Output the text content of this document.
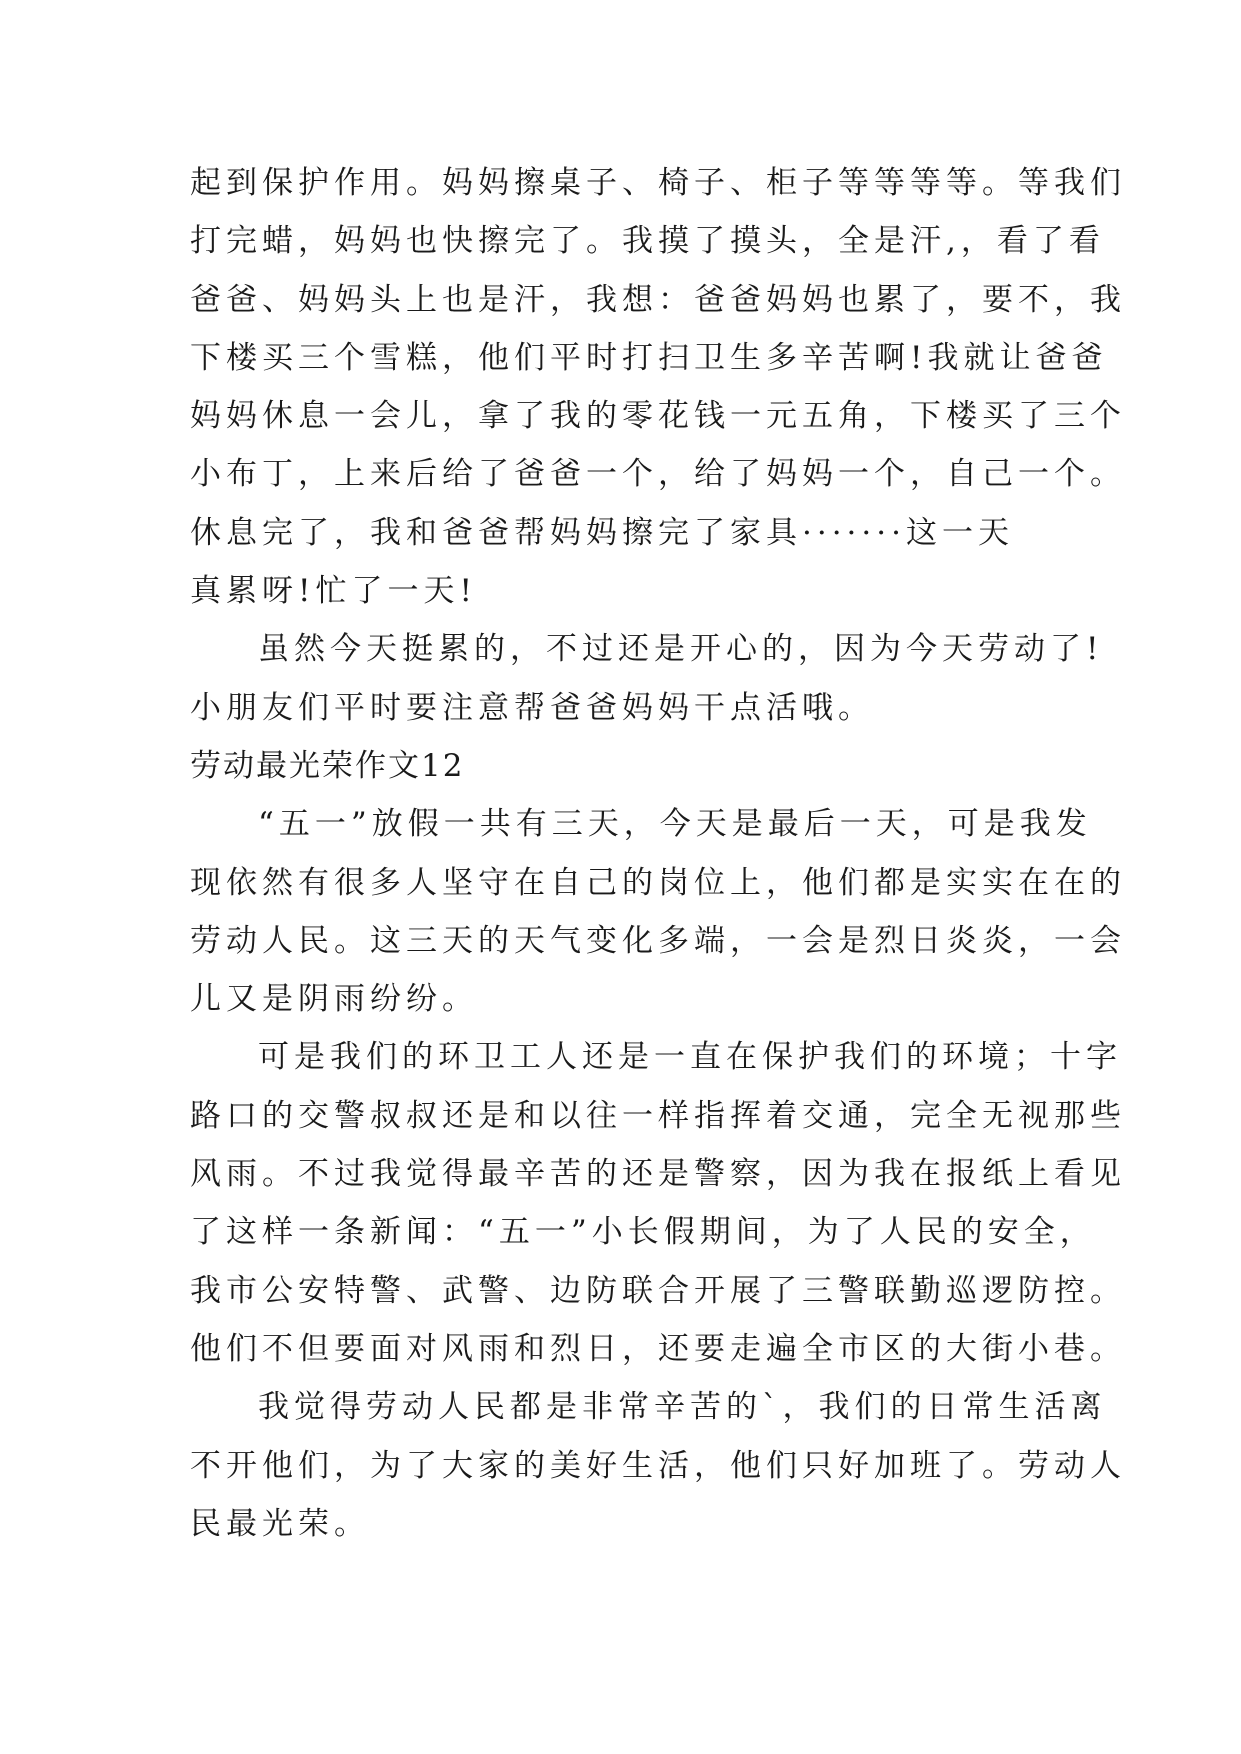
起到保护作用。妈妈擦桌子、椅子、柜子等等等等。等我们
打完蜡，妈妈也快擦完了。我摸了摸头，全是汗,，看了看
爸爸、妈妈头上也是汗，我想：爸爸妈妈也累了，要不，我
下楼买三个雪糕，他们平时打扫卫生多辛苦啊!我就让爸爸
妈妈休息一会儿，拿了我的零花钱一元五角，下楼买了三个
小布丁，上来后给了爸爸一个，给了妈妈一个，自己一个。
休息完了，我和爸爸帮妈妈擦完了家具·······这一天
真累呀!忙了一天!
虽然今天挺累的，不过还是开心的，因为今天劳动了!
小朋友们平时要注意帮爸爸妈妈干点活哦。
劳动最光荣作文12
“五一”放假一共有三天，今天是最后一天，可是我发
现依然有很多人坚守在自己的岗位上，他们都是实实在在的
劳动人民。这三天的天气变化多端，一会是烈日炎炎，一会
儿又是阴雨纷纷。
可是我们的环卫工人还是一直在保护我们的环境；十字
路口的交警叔叔还是和以往一样指挥着交通，完全无视那些
风雨。不过我觉得最辛苦的还是警察，因为我在报纸上看见
了这样一条新闻：“五一”小长假期间，为了人民的安全，
我市公安特警、武警、边防联合开展了三警联勤巡逻防控。
他们不但要面对风雨和烈日，还要走遍全市区的大街小巷。
我觉得劳动人民都是非常辛苦的`，我们的日常生活离
不开他们，为了大家的美好生活，他们只好加班了。劳动人
民最光荣。
